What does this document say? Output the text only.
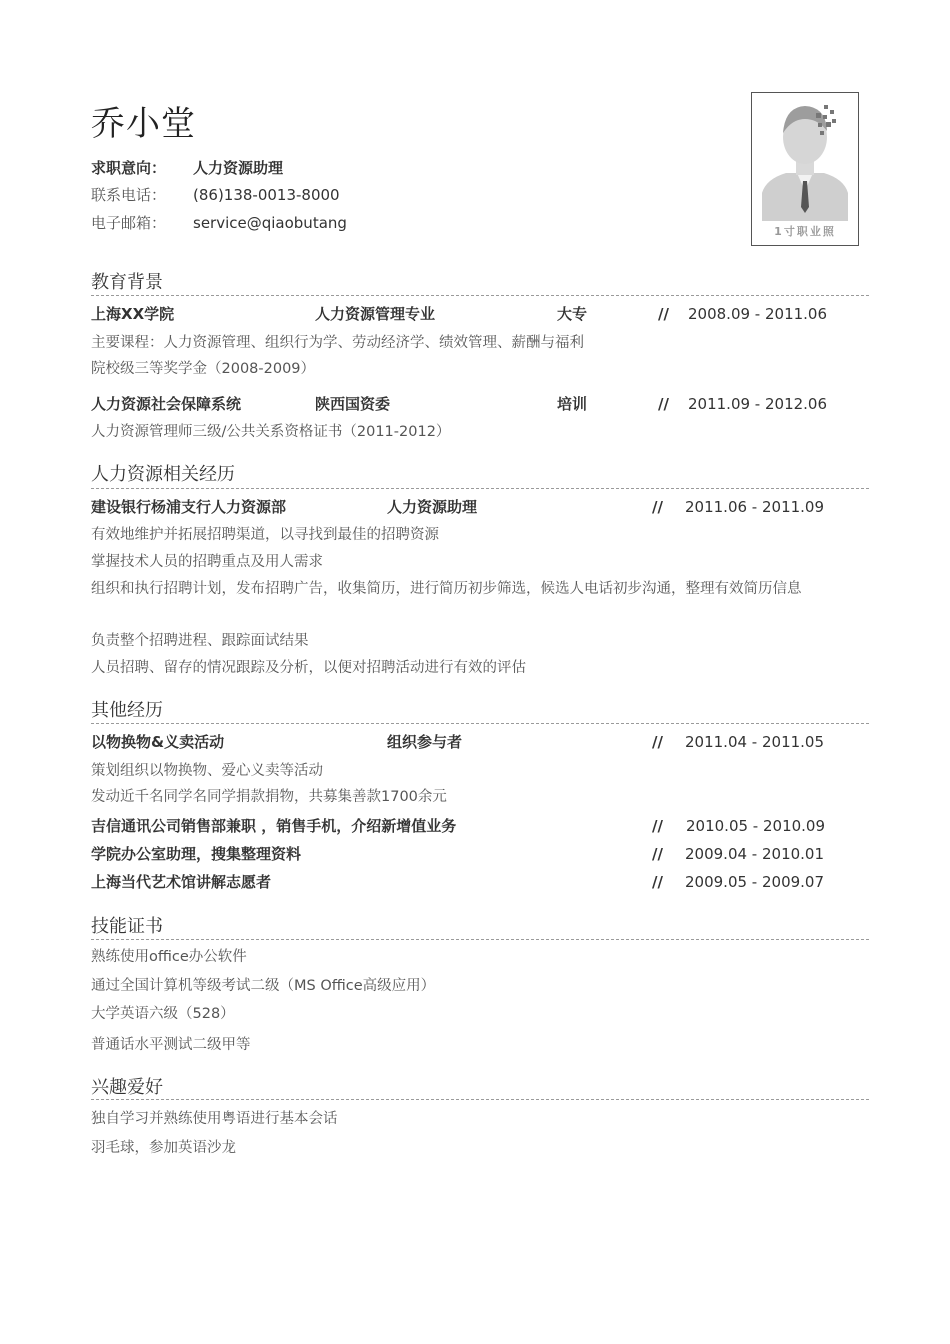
乔小堂
求职意向： 人力资源助理
联系电话： (86)138-0013-8000
电子邮箱： service@qiaobutang	1寸职业照
教育背景
上海XX学院	人力资源管理专业	大专	// 2008.09 - 2011.06
主要课程：人力资源管理、组织行为学、劳动经济学、绩效管理、薪酬与福利
院校级三等奖学金（2008-2009）
人力资源社会保障系统	陕西国资委	培训	// 2011.09 - 2012.06
人力资源管理师三级/公共关系资格证书（2011-2012）
人力资源相关经历
建设银行杨浦支行人力资源部	人力资源助理	// 2011.06 - 2011.09
有效地维护并拓展招聘渠道，以寻找到最佳的招聘资源
掌握技术人员的招聘重点及用人需求
组织和执行招聘计划，发布招聘广告，收集简历，进行简历初步筛选，候选人电话初步沟通，整理有效简历信息
负责整个招聘进程、跟踪面试结果
人员招聘、留存的情况跟踪及分析，以便对招聘活动进行有效的评估
其他经历
以物换物&义卖活动	组织参与者	// 2011.04 - 2011.05
策划组织以物换物、爱心义卖等活动
发动近千名同学名同学捐款捐物，共募集善款1700余元
吉信通讯公司销售部兼职 ，销售手机，介绍新增值业务	// 2010.05 - 2010.09
学院办公室助理，搜集整理资料	// 2009.04 - 2010.01
上海当代艺术馆讲解志愿者	// 2009.05 - 2009.07
技能证书
熟练使用office办公软件
通过全国计算机等级考试二级（MS Office高级应用）
大学英语六级（528）
普通话水平测试二级甲等
兴趣爱好
独自学习并熟练使用粤语进行基本会话
羽毛球，参加英语沙龙
